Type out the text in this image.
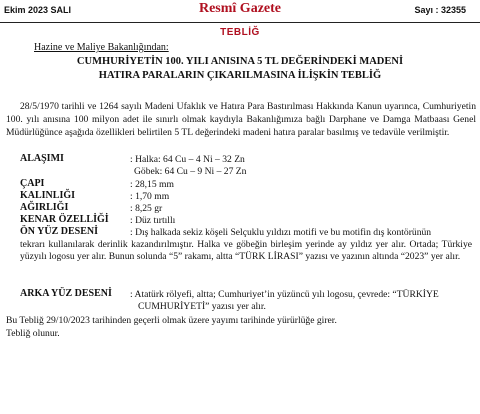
Ekim 2023 SALI	Resmî Gazete	Sayı : 32355
TEBLİĞ
Hazine ve Maliye Bakanlığından:
CUMHURİYETİN 100. YILI ANISINA 5 TL DEĞERİNDEKİ MADENİ
HATIRA PARALARIN ÇIKARILMASINA İLİŞKİN TEBLİĞ
28/5/1970 tarihli ve 1264 sayılı Madeni Ufaklık ve Hatıra Para Bastırılması Hakkında Kanun uyarınca, Cumhuriyetin 100. yılı anısına 100 milyon adet ile sınırlı olmak kaydıyla Bakanlığımıza bağlı Darphane ve Damga Matbaası Genel Müdürlüğünce aşağıda özellikleri belirtilen 5 TL değerindeki madeni hatıra paralar basılmış ve tedavüle verilmiştir.
ALAŞIMI	: Halka: 64 Cu – 4 Ni – 32 Zn
Göbek: 64 Cu – 9 Ni – 27 Zn
ÇAPI	: 28,15 mm
KALINLIĞI	: 1,70 mm
AĞIRLIĞI	: 8,25 gr
KENAR ÖZELLİĞİ : Düz tırtıllı
ÖN YÜZ DESENİ	: Dış halkada sekiz köşeli Selçuklu yıldızı motifi ve bu motifin dış kontörünün
tekrarı kullanılarak derinlik kazandırılmıştır. Halka ve göbeğin birleşim yerinde ay yıldız yer alır. Ortada; Türkiye yüzyılı logosu yer alır. Bunun solunda “5” rakamı, altta “TÜRK LİRASI” yazısı ve yazının altında “2023” yer alır.
ARKA YÜZ DESENİ : Atatürk rölyefi, altta; Cumhuriyet’in yüzüncü yılı logosu, çevrede: “TÜRKİYE
CUMHURİYETİ” yazısı yer alır.
Bu Tebliğ 29/10/2023 tarihinden geçerli olmak üzere yayımı tarihinde yürürlüğe girer.
Tebliğ olunur.
